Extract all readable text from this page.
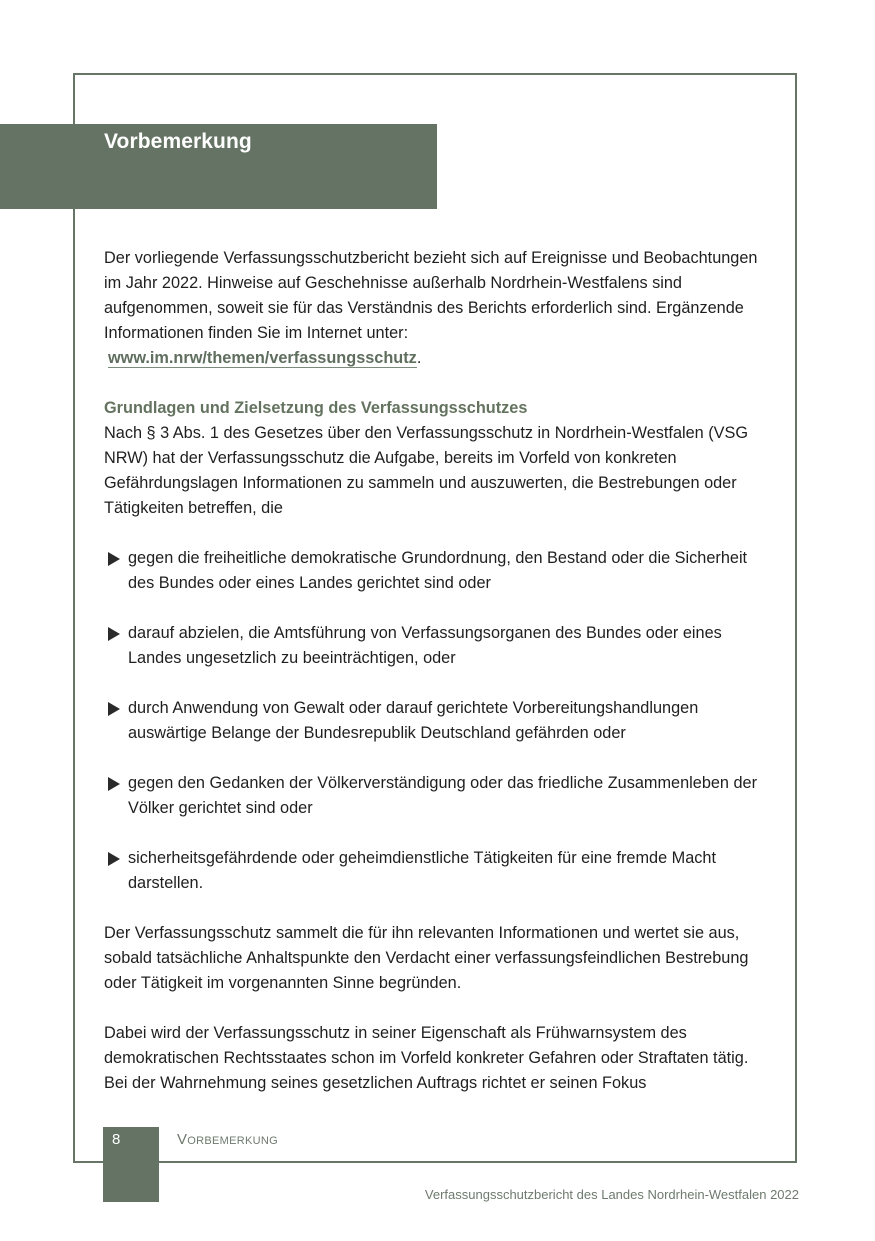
Vorbemerkung

Der vorliegende Verfassungsschutzbericht bezieht sich auf Ereignisse und Beobachtungen im Jahr 2022. Hinweise auf Geschehnisse außerhalb Nordrhein-Westfalens sind aufgenommen, soweit sie für das Verständnis des Berichts erforderlich sind. Ergänzende Informationen finden Sie im Internet unter:
www.im.nrw/themen/verfassungsschutz.

Grundlagen und Zielsetzung des Verfassungsschutzes

Nach § 3 Abs. 1 des Gesetzes über den Verfassungsschutz in Nordrhein-Westfalen (VSG NRW) hat der Verfassungsschutz die Aufgabe, bereits im Vorfeld von konkreten Gefährdungslagen Informationen zu sammeln und auszuwerten, die Bestrebungen oder Tätigkeiten betreffen, die

gegen die freiheitliche demokratische Grundordnung, den Bestand oder die Sicherheit des Bundes oder eines Landes gerichtet sind oder
darauf abzielen, die Amtsführung von Verfassungsorganen des Bundes oder eines Landes ungesetzlich zu beeinträchtigen, oder
durch Anwendung von Gewalt oder darauf gerichtete Vorbereitungshandlungen auswärtige Belange der Bundesrepublik Deutschland gefährden oder
gegen den Gedanken der Völkerverständigung oder das friedliche Zusammenleben der Völker gerichtet sind oder
sicherheitsgefährdende oder geheimdienstliche Tätigkeiten für eine fremde Macht darstellen.

Der Verfassungsschutz sammelt die für ihn relevanten Informationen und wertet sie aus, sobald tatsächliche Anhaltspunkte den Verdacht einer verfassungsfeindlichen Bestrebung oder Tätigkeit im vorgenannten Sinne begründen.

Dabei wird der Verfassungsschutz in seiner Eigenschaft als Frühwarnsystem des demokratischen Rechtsstaates schon im Vorfeld konkreter Gefahren oder Straftaten tätig. Bei der Wahrnehmung seines gesetzlichen Auftrags richtet er seinen Fokus

8	Vorbemerkung
Verfassungsschutzbericht des Landes Nordrhein-Westfalen 2022
